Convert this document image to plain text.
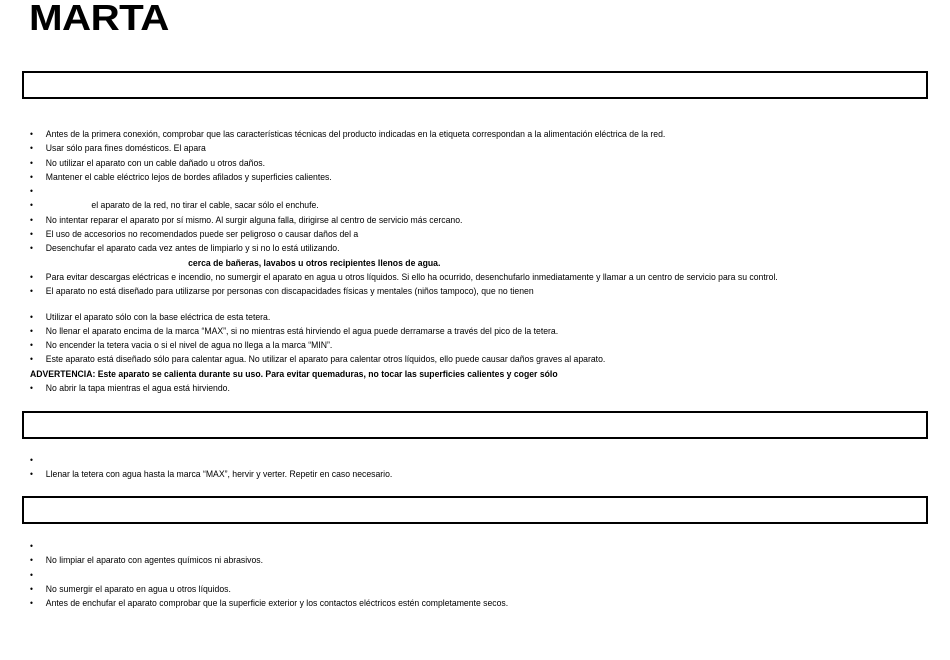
MARTA
•	Antes de la primera conexión, comprobar que las características técnicas del producto indicadas en la etiqueta correspondan a la alimentación eléctrica de la red.
•	Usar sólo para fines domésticos. El apara
•	No utilizar el aparato con un cable dañado u otros daños.
•	Mantener el cable eléctrico lejos de bordes afilados y superficies calientes.
•
•	el aparato de la red, no tirar el cable, sacar sólo el enchufe.
•	No intentar reparar el aparato por sí mismo. Al surgir alguna falla, dirigirse al centro de servicio más cercano.
•	El uso de accesorios no recomendados puede ser peligroso o causar daños del a
•	Desenchufar el aparato cada vez antes de limpiarlo y si no lo está utilizando.
cerca de bañeras, lavabos u otros recipientes llenos de agua.
•	Para evitar descargas eléctricas e incendio, no sumergir el aparato en agua u otros líquidos. Si ello ha ocurrido, desenchufarlo inmediatamente y llamar a un centro de servicio para su control.
•	El aparato no está diseñado para utilizarse por personas con discapacidades físicas y mentales (niños tampoco), que no tienen
•	Utilizar el aparato sólo con la base eléctrica de esta tetera.
•	No llenar el aparato encima de la marca “MAX”, si no mientras está hirviendo el agua puede derramarse a través del pico de la tetera.
•	No encender la tetera vacia o si el nivel de agua no llega a la marca “MIN”.
•	Este aparato está diseñado sólo para calentar agua. No utilizar el aparato para calentar otros líquidos, ello puede causar daños graves al aparato.
ADVERTENCIA: Este aparato se calienta durante su uso. Para evitar quemaduras, no tocar las superficies calientes y coger sólo
•	No abrir la tapa mientras el agua está hirviendo.
•
•	Llenar la tetera con agua hasta la marca “MAX”, hervir y verter. Repetir en caso necesario.
•
•	No limpiar el aparato con agentes químicos ni abrasivos.
•
•	No sumergir el aparato en agua u otros líquidos.
•	Antes de enchufar el aparato comprobar que la superficie exterior y los contactos eléctricos estén completamente secos.
